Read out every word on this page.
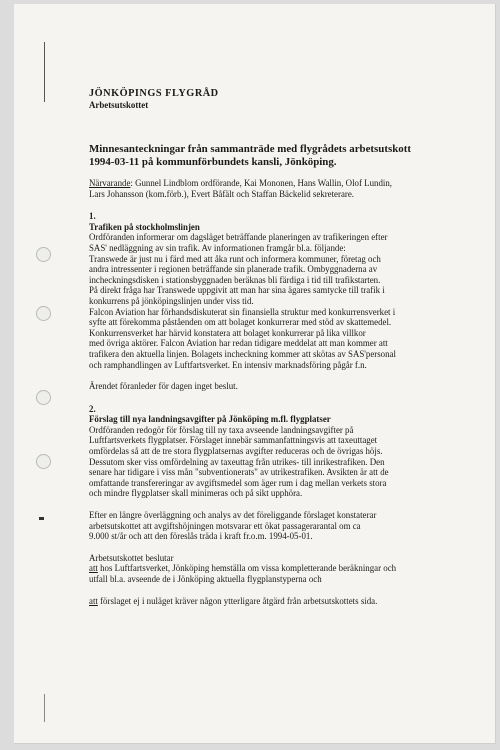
JÖNKÖPINGS FLYGRÅD
Arbetsutskottet
Minnesanteckningar från sammanträde med flygrådets arbetsutskott
1994-03-11 på kommunförbundets kansli, Jönköping.
Närvarande: Gunnel Lindblom ordförande, Kai Mononen, Hans Wallin, Olof Lundin,
Lars Johansson (kom.förb.), Evert Båfält och Staffan Bäckelid sekreterare.
1.
Trafiken på stockholmslinjen
Ordföranden informerar om dagsläget beträffande planeringen av trafikeringen efter
SAS' nedläggning av sin trafik. Av informationen framgår bl.a. följande:
Transwede är just nu i färd med att åka runt och informera kommuner, företag och
andra intressenter i regionen beträffande sin planerade trafik. Ombyggnaderna av
incheckningsdisken i stationsbyggnaden beräknas bli färdiga i tid till trafikstarten.
På direkt fråga har Transwede uppgivit att man har sina ägares samtycke till trafik i
konkurrens på jönköpingslinjen under viss tid.
Falcon Aviation har förhandsdiskuterat sin finansiella struktur med konkurrensverket i
syfte att förekomma påståenden om att bolaget konkurrerar med stöd av skattemedel.
Konkurrensverket har härvid konstatera att bolaget konkurrerar på lika villkor
med övriga aktörer. Falcon Aviation har redan tidigare meddelat att man kommer att
trafikera den aktuella linjen. Bolagets incheckning kommer att skötas av SAS'personal
och ramphandlingen av Luftfartsverket. En intensiv marknadsföring pågår f.n.
Ärendet föranleder för dagen inget beslut.
2.
Förslag till nya landningsavgifter på Jönköping m.fl. flygplatser
Ordföranden redogör för förslag till ny taxa avseende landningsavgifter på
Luftfartsverkets flygplatser. Förslaget innebär sammanfattningsvis att taxeuttaget
omfördelas så att de tre stora flygplatsernas avgifter reduceras och de övrigas höjs.
Dessutom sker viss omfördelning av taxeuttag från utrikes- till inrikestrafiken. Den
senare har tidigare i viss mån "subventionerats" av utrikestrafiken. Avsikten är att de
omfattande transfereringar av avgiftsmedel som äger rum i dag mellan verkets stora
och mindre flygplatser skall minimeras och på sikt upphöra.
Efter en längre överläggning och analys av det föreliggande förslaget konstaterar
arbetsutskottet att avgiftshöjningen motsvarar ett ökat passagerarantal om ca
9.000 st/år och att den föreslås träda i kraft fr.o.m. 1994-05-01.
Arbetsutskottet beslutar
att hos Luftfartsverket, Jönköping hemställa om vissa kompletterande beräkningar och
utfall bl.a. avseende de i Jönköping aktuella flygplanstyperna och
att förslaget ej i nuläget kräver någon ytterligare åtgärd från arbetsutskottets sida.
